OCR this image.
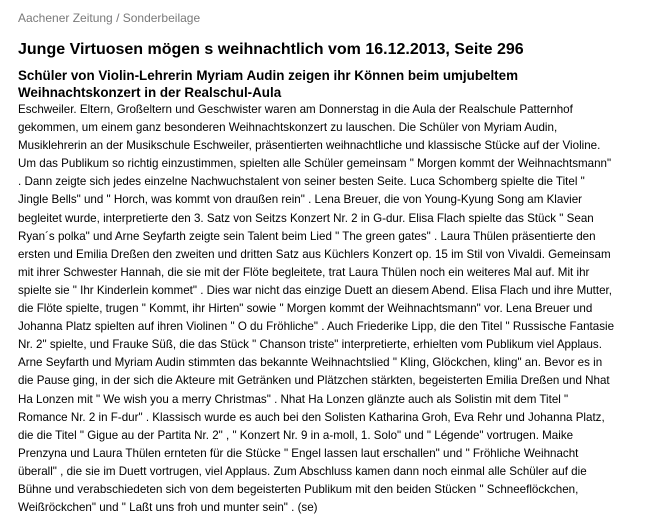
Aachener Zeitung / Sonderbeilage

Junge Virtuosen mögen s weihnachtlich vom 16.12.2013, Seite 296
Schüler von Violin-Lehrerin Myriam Audin zeigen ihr Können beim umjubeltem
Weihnachtskonzert in der Realschul-Aula

Eschweiler. Eltern, Großeltern und Geschwister waren am Donnerstag in die Aula der Realschule Patternhof
gekommen, um einem ganz besonderen Weihnachtskonzert zu lauschen. Die Schüler von Myriam Audin,
Musiklehrerin an der Musikschule Eschweiler, präsentierten weihnachtliche und klassische Stücke auf der Violine.
Um das Publikum so richtig einzustimmen, spielten alle Schüler gemeinsam " Morgen kommt der Weihnachtsmann"
. Dann zeigte sich jedes einzelne Nachwuchstalent von seiner besten Seite. Luca Schomberg spielte die Titel "
Jingle Bells" und " Horch, was kommt von draußen rein" . Lena Breuer, die von Young-Kyung Song am Klavier
begleitet wurde, interpretierte den 3. Satz von Seitzs Konzert Nr. 2 in G-dur. Elisa Flach spielte das Stück " Sean
Ryan´s polka" und Arne Seyfarth zeigte sein Talent beim Lied " The green gates" . Laura Thülen präsentierte den
ersten und Emilia Dreßen den zweiten und dritten Satz aus Küchlers Konzert op. 15 im Stil von Vivaldi. Gemeinsam
mit ihrer Schwester Hannah, die sie mit der Flöte begleitete, trat Laura Thülen noch ein weiteres Mal auf. Mit ihr
spielte sie " Ihr Kinderlein kommet" . Dies war nicht das einzige Duett an diesem Abend. Elisa Flach und ihre Mutter,
die Flöte spielte, trugen " Kommt, ihr Hirten" sowie " Morgen kommt der Weihnachtsmann" vor. Lena Breuer und
Johanna Platz spielten auf ihren Violinen " O du Fröhliche" . Auch Friederike Lipp, die den Titel " Russische Fantasie
Nr. 2" spielte, und Frauke Süß, die das Stück " Chanson triste" interpretierte, erhielten vom Publikum viel Applaus.
Arne Seyfarth und Myriam Audin stimmten das bekannte Weihnachtslied " Kling, Glöckchen, kling" an. Bevor es in
die Pause ging, in der sich die Akteure mit Getränken und Plätzchen stärkten, begeisterten Emilia Dreßen und Nhat
Ha Lonzen mit " We wish you a merry Christmas" . Nhat Ha Lonzen glänzte auch als Solistin mit dem Titel "
Romance Nr. 2 in F-dur" . Klassisch wurde es auch bei den Solisten Katharina Groh, Eva Rehr und Johanna Platz,
die die Titel " Gigue au der Partita Nr. 2" , " Konzert Nr. 9 in a-moll, 1. Solo" und " Légende" vortrugen. Maike
Prenzyna und Laura Thülen ernteten für die Stücke " Engel lassen laut erschallen" und " Fröhliche Weihnacht
überall" , die sie im Duett vortrugen, viel Applaus. Zum Abschluss kamen dann noch einmal alle Schüler auf die
Bühne und verabschiedeten sich von dem begeisterten Publikum mit den beiden Stücken " Schneeflöckchen,
Weißröckchen" und " Laßt uns froh und munter sein" . (se)
